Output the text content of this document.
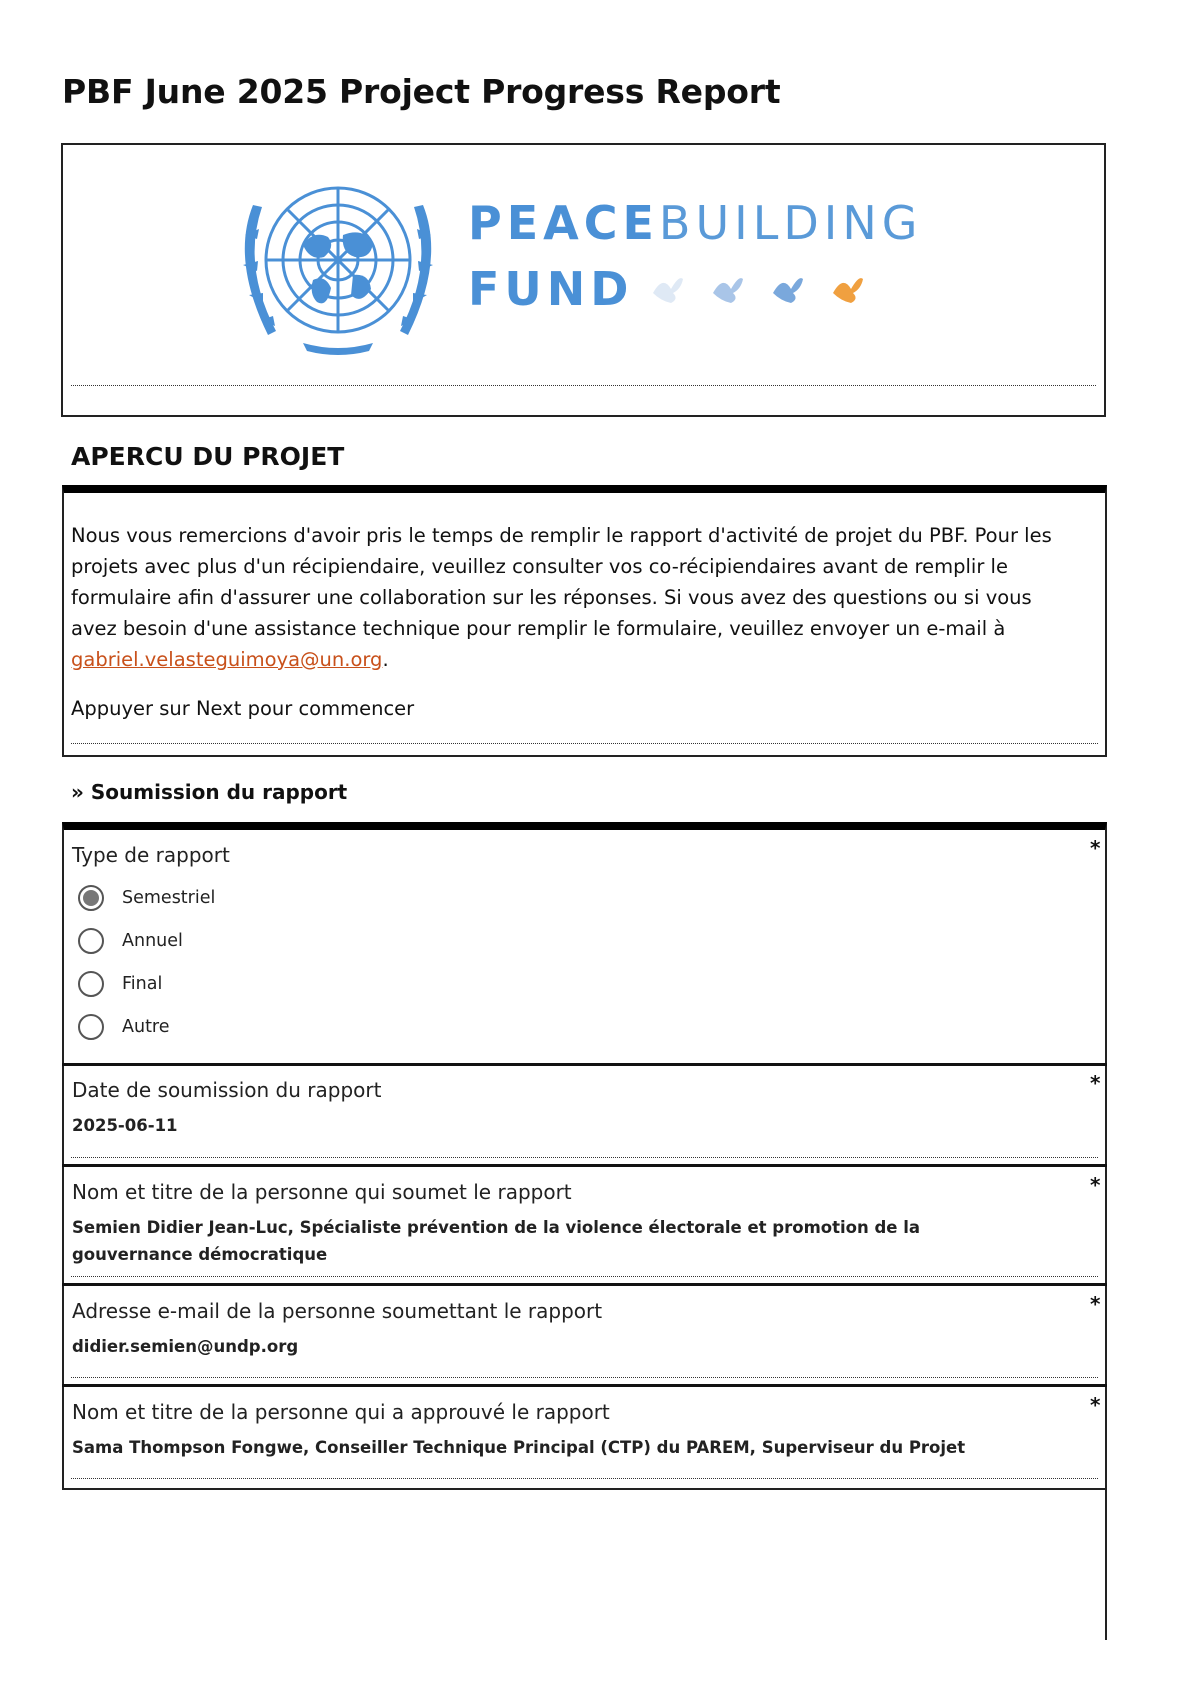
PBF June 2025 Project Progress Report
PEACEBUILDING
FUND
APERCU DU PROJET
Nous vous remercions d'avoir pris le temps de remplir le rapport d'activité de projet du PBF. Pour les projets avec plus d'un récipiendaire, veuillez consulter vos co-récipiendaires avant de remplir le formulaire afin d'assurer une collaboration sur les réponses. Si vous avez des questions ou si vous avez besoin d'une assistance technique pour remplir le formulaire, veuillez envoyer un e-mail à gabriel.velasteguimoya@un.org.
Appuyer sur Next pour commencer
» Soumission du rapport
Type de rapport	*
Semestriel
Annuel
Final
Autre
Date de soumission du rapport	*
2025-06-11
Nom et titre de la personne qui soumet le rapport	*
Semien Didier Jean-Luc, Spécialiste prévention de la violence électorale et promotion de la gouvernance démocratique
Adresse e-mail de la personne soumettant le rapport	*
didier.semien@undp.org
Nom et titre de la personne qui a approuvé le rapport	*
Sama Thompson Fongwe, Conseiller Technique Principal (CTP) du PAREM, Superviseur du Projet
